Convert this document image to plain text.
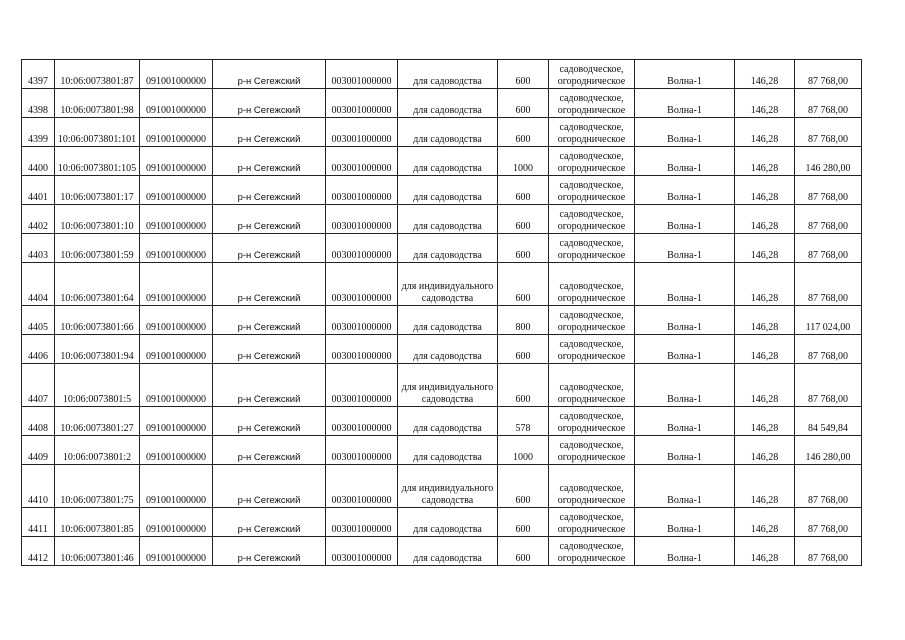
4397	10:06:0073801:87	091001000000	р-н Сегежский	003001000000	для садоводства	600	садоводческое, огородническое	Волна-1	146,28	87 768,00
4398	10:06:0073801:98	091001000000	р-н Сегежский	003001000000	для садоводства	600	садоводческое, огородническое	Волна-1	146,28	87 768,00
4399	10:06:0073801:101	091001000000	р-н Сегежский	003001000000	для садоводства	600	садоводческое, огородническое	Волна-1	146,28	87 768,00
4400	10:06:0073801:105	091001000000	р-н Сегежский	003001000000	для садоводства	1000	садоводческое, огородническое	Волна-1	146,28	146 280,00
4401	10:06:0073801:17	091001000000	р-н Сегежский	003001000000	для садоводства	600	садоводческое, огородническое	Волна-1	146,28	87 768,00
4402	10:06:0073801:10	091001000000	р-н Сегежский	003001000000	для садоводства	600	садоводческое, огородническое	Волна-1	146,28	87 768,00
4403	10:06:0073801:59	091001000000	р-н Сегежский	003001000000	для садоводства	600	садоводческое, огородническое	Волна-1	146,28	87 768,00
4404	10:06:0073801:64	091001000000	р-н Сегежский	003001000000	для индивидуального садоводства	600	садоводческое, огородническое	Волна-1	146,28	87 768,00
4405	10:06:0073801:66	091001000000	р-н Сегежский	003001000000	для садоводства	800	садоводческое, огородническое	Волна-1	146,28	117 024,00
4406	10:06:0073801:94	091001000000	р-н Сегежский	003001000000	для садоводства	600	садоводческое, огородническое	Волна-1	146,28	87 768,00
4407	10:06:0073801:5	091001000000	р-н Сегежский	003001000000	для индивидуального садоводства	600	садоводческое, огородническое	Волна-1	146,28	87 768,00
4408	10:06:0073801:27	091001000000	р-н Сегежский	003001000000	для садоводства	578	садоводческое, огородническое	Волна-1	146,28	84 549,84
4409	10:06:0073801:2	091001000000	р-н Сегежский	003001000000	для садоводства	1000	садоводческое, огородническое	Волна-1	146,28	146 280,00
4410	10:06:0073801:75	091001000000	р-н Сегежский	003001000000	для индивидуального садоводства	600	садоводческое, огородническое	Волна-1	146,28	87 768,00
4411	10:06:0073801:85	091001000000	р-н Сегежский	003001000000	для садоводства	600	садоводческое, огородническое	Волна-1	146,28	87 768,00
4412	10:06:0073801:46	091001000000	р-н Сегежский	003001000000	для садоводства	600	садоводческое, огородническое	Волна-1	146,28	87 768,00
